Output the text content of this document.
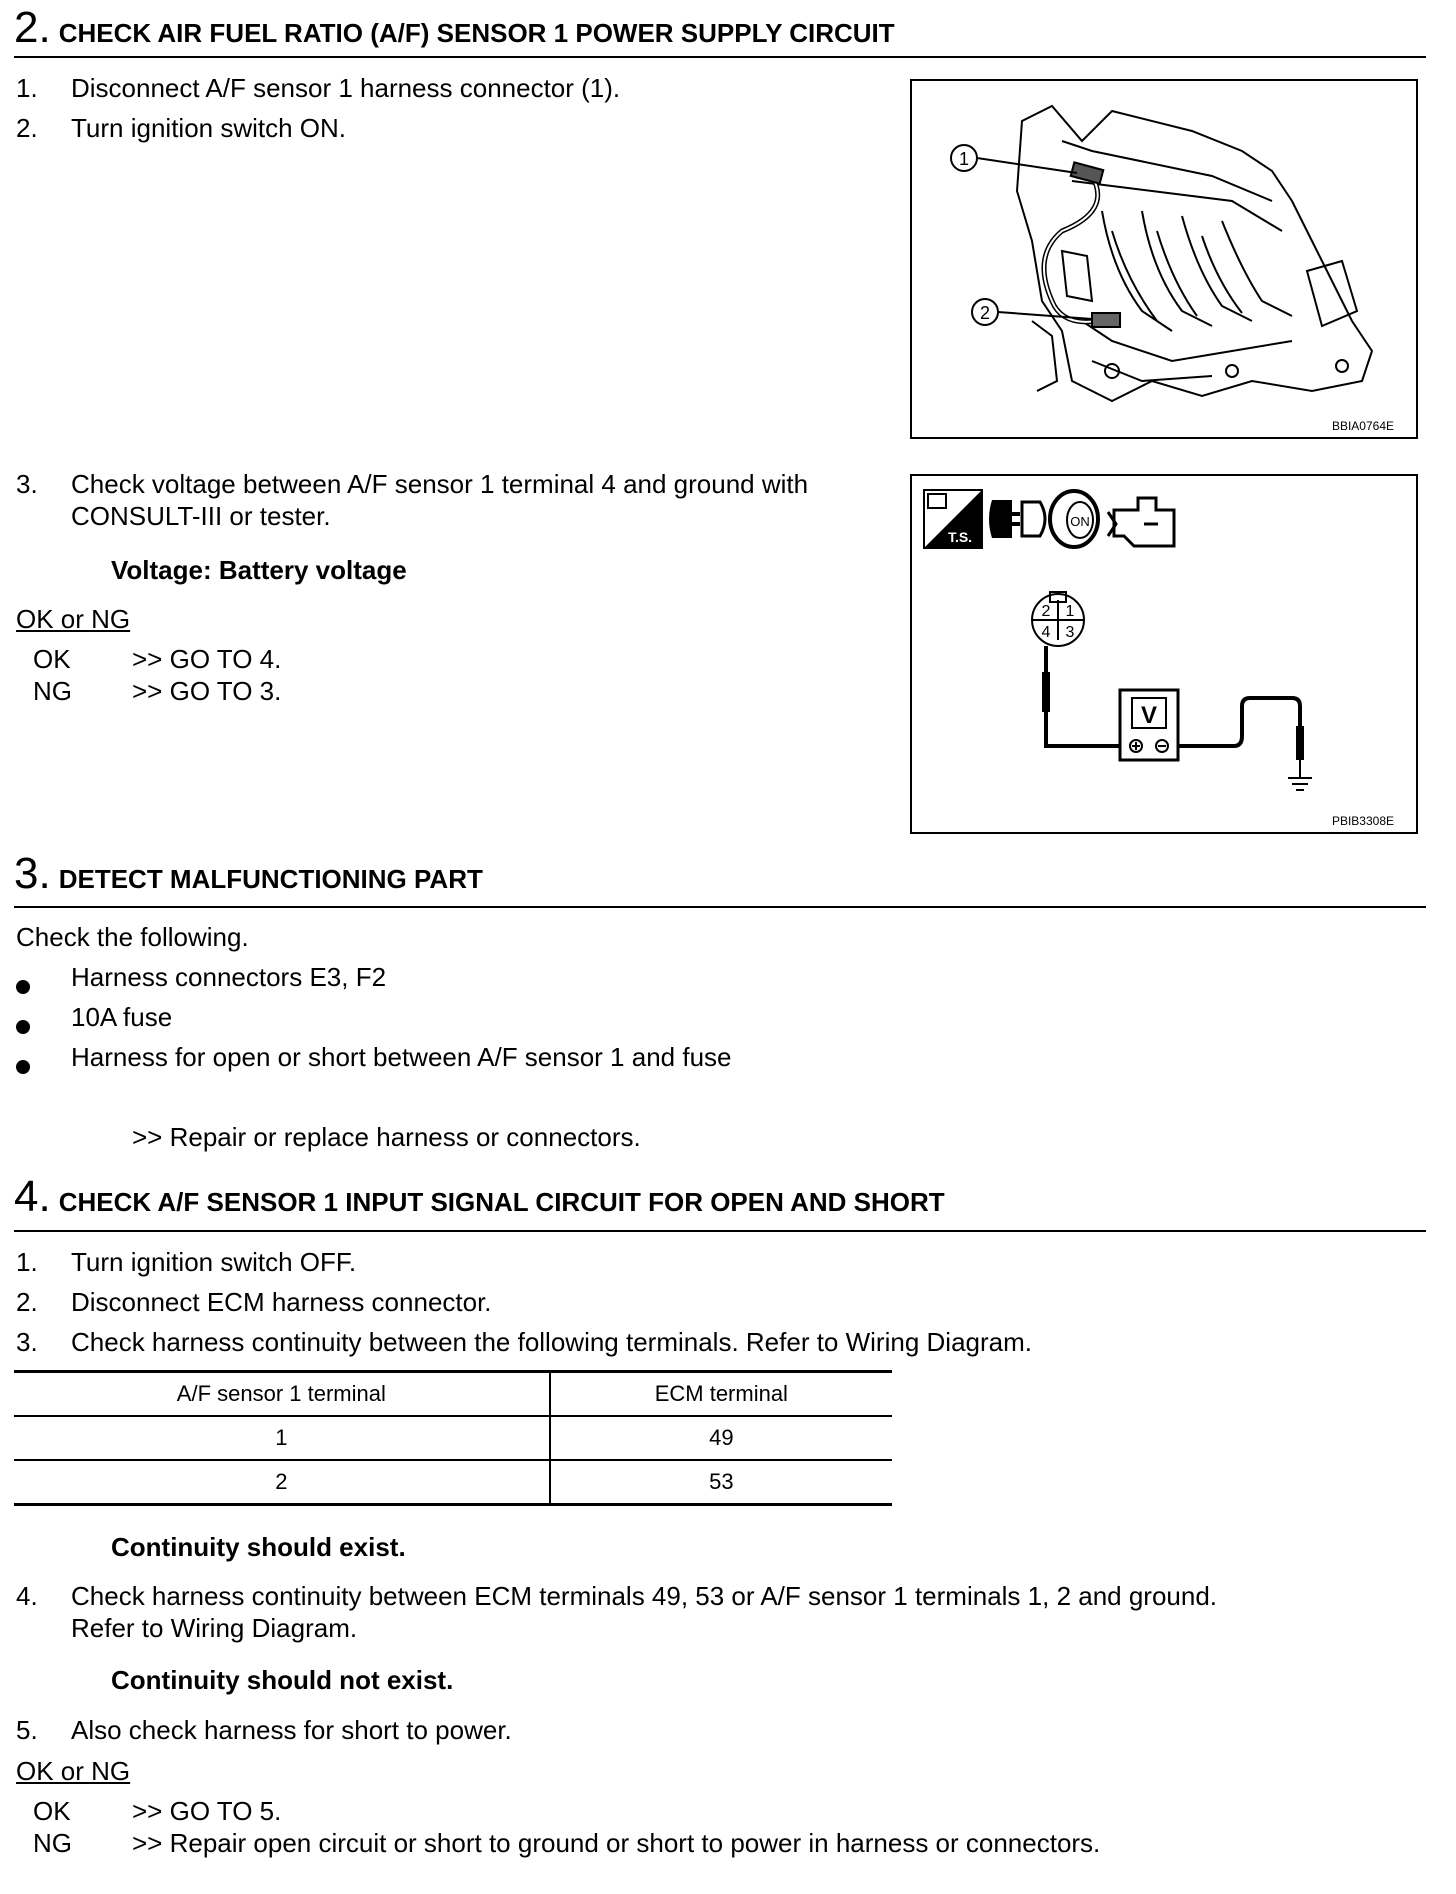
2. CHECK AIR FUEL RATIO (A/F) SENSOR 1 POWER SUPPLY CIRCUIT
1.	Disconnect A/F sensor 1 harness connector (1).
2.	Turn ignition switch ON.
1
2
BBIA0764E
3.	Check voltage between A/F sensor 1 terminal 4 and ground with
CONSULT-III or tester.
Voltage: Battery voltage
OK or NG
OK >> GO TO 4.
NG >> GO TO 3.
T.S.
ON
2 1
4 3
V
PBIB3308E
3. DETECT MALFUNCTIONING PART
Check the following.
Harness connectors E3, F2
10A fuse
Harness for open or short between A/F sensor 1 and fuse
>> Repair or replace harness or connectors.
4. CHECK A/F SENSOR 1 INPUT SIGNAL CIRCUIT FOR OPEN AND SHORT
1.	Turn ignition switch OFF.
2.	Disconnect ECM harness connector.
3.	Check harness continuity between the following terminals. Refer to Wiring Diagram.
A/F sensor 1 terminal	ECM terminal
1	49
2	53
Continuity should exist.
4.	Check harness continuity between ECM terminals 49, 53 or A/F sensor 1 terminals 1, 2 and ground.
Refer to Wiring Diagram.
Continuity should not exist.
5.	Also check harness for short to power.
OK or NG
OK >> GO TO 5.
NG >> Repair open circuit or short to ground or short to power in harness or connectors.
